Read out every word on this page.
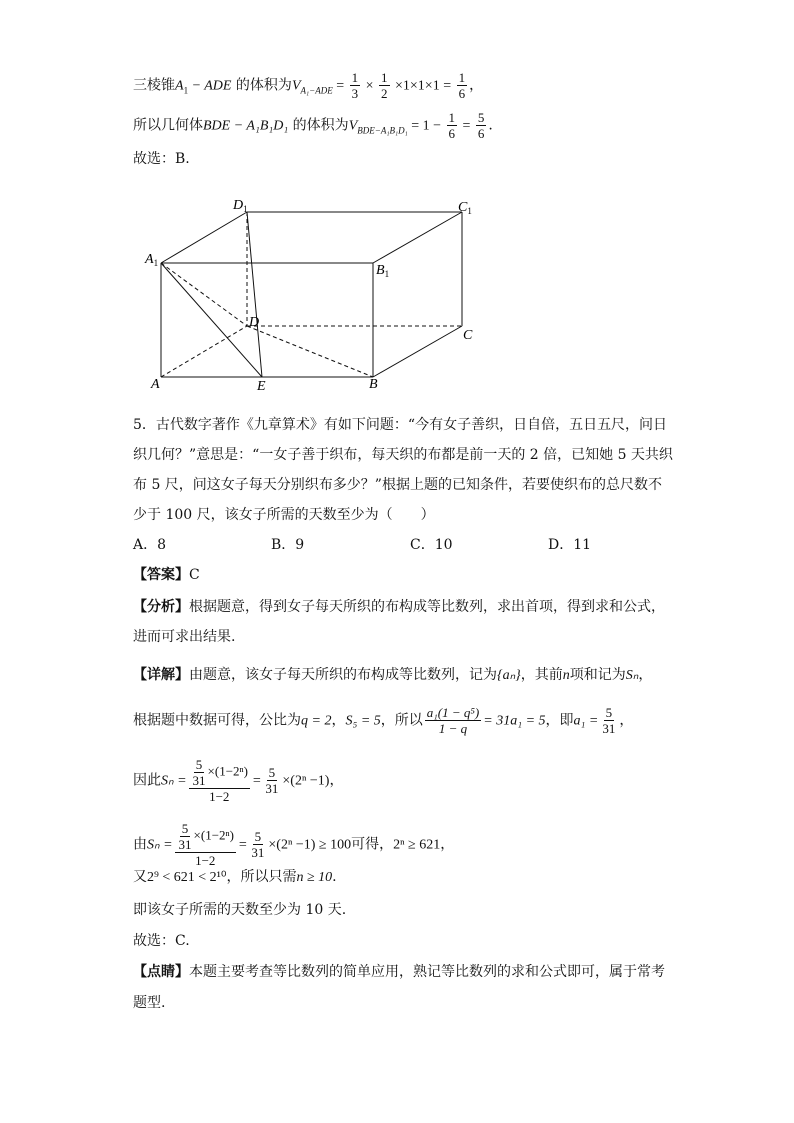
三棱锥$A_1$ − ADE 的体积为$V_{A_1-ADE} = \frac{1}{3} \times \frac{1}{2} \times 1\times 1\times 1 = \frac{1}{6}$ ，
所以几何体BDE − A₁B₁D₁ 的体积为$V_{BDE-A_1B_1D_1} = 1 - \frac{1}{6} = \frac{5}{6}$ .
故选：B.
$D_1$	$C_1$
$A_1$	$B_1$
D
C
A	E	B
5．古代数字著作《九章算术》有如下问题：“今有女子善织，日自倍，五日五尺，问日
织几何？”意思是：“一女子善于织布，每天织的布都是前一天的 2 倍，已知她 5 天共织
布 5 尺，问这女子每天分别织布多少？”根据上题的已知条件，若要使织布的总尺数不
少于 100 尺，该女子所需的天数至少为（　　）
A．8	B．9	C．10	D．11
【答案】C
【分析】根据题意，得到女子每天所织的布构成等比数列，求出首项，得到求和公式，
进而可求出结果.
【详解】由题意，该女子每天所织的布构成等比数列，记为{aₙ}，其前n项和记为Sₙ，
根据题中数据可得，公比为q = 2，S₅ = 5，所以 $\frac{\text{a₁(1 − q⁵)}}{1 - q} = 31a_1 = 5$，即$a_1 = \frac{5}{31}$ ，
因此$S_n = \frac{\frac{5}{31} \times(1-2^n)}{1-2} = \frac{5}{31} \times(2^n -1)$，
由$S_n = \frac{\frac{5}{31} \times(1-2^n)}{1-2} = \frac{5}{31} \times(2^n -1) \ge 100$可得，2ⁿ ≥ 621，
又2⁹ < 621 < 2¹⁰，所以只需n ≥ 10.
即该女子所需的天数至少为 10 天.
故选：C.
【点睛】本题主要考查等比数列的简单应用，熟记等比数列的求和公式即可，属于常考
题型.
